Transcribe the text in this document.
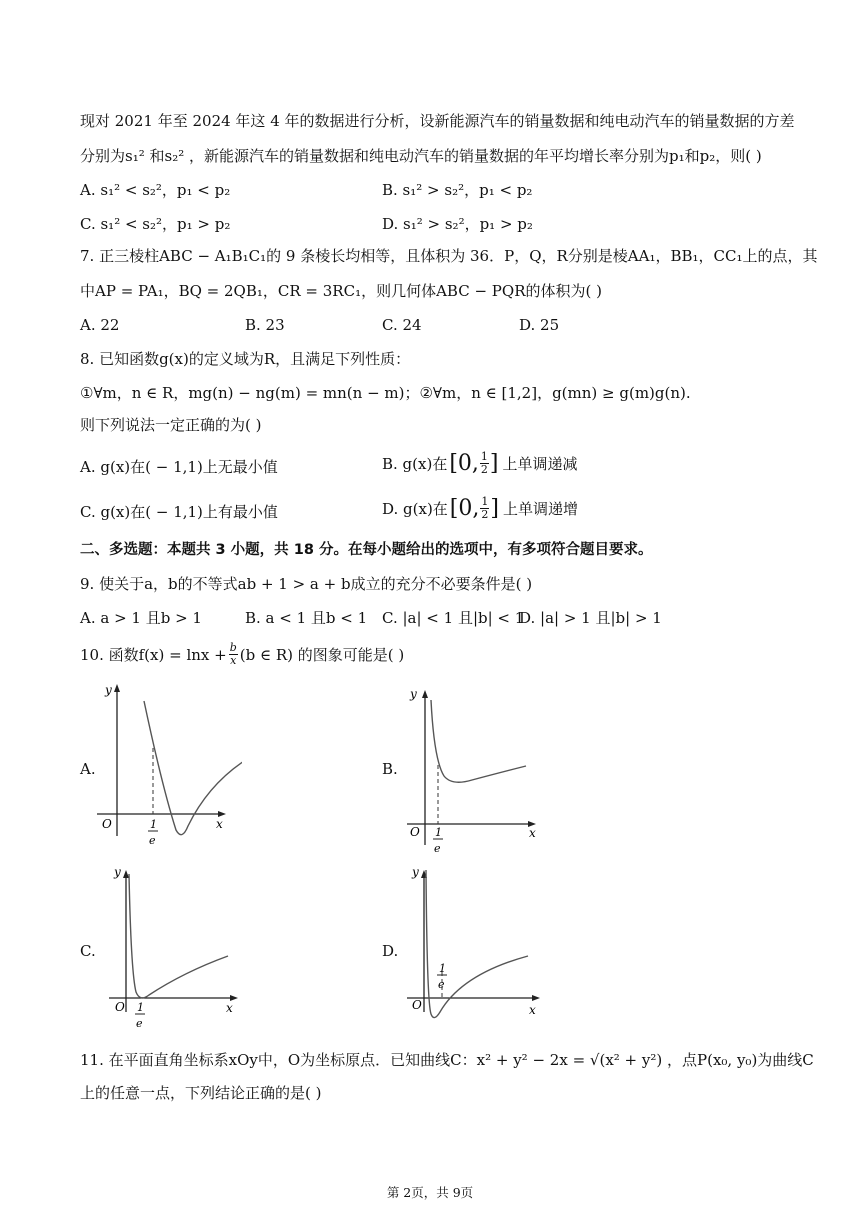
现对 2021 年至 2024 年这 4 年的数据进行分析，设新能源汽车的销量数据和纯电动汽车的销量数据的方差
分别为s₁² 和s₂² ，新能源汽车的销量数据和纯电动汽车的销量数据的年平均增长率分别为p₁和p₂，则( )
A. s₁² < s₂²，p₁ < p₂	B. s₁² > s₂²，p₁ < p₂
C. s₁² < s₂²，p₁ > p₂	D. s₁² > s₂²，p₁ > p₂
7. 正三棱柱ABC − A₁B₁C₁的 9 条棱长均相等，且体积为 36．P，Q，R分别是棱AA₁，BB₁，CC₁上的点，其
中AP = PA₁，BQ = 2QB₁，CR = 3RC₁，则几何体ABC − PQR的体积为( )
A. 22	B. 23	C. 24	D. 25
8. 已知函数g(x)的定义域为R，且满足下列性质：
①∀m，n ∈ R，mg(n) − ng(m) = mn(n − m)；②∀m，n ∈ [1,2]，g(mn) ≥ g(m)g(n).
则下列说法一定正确的为( )
A. g(x)在( − 1,1)上无最小值	B. g(x)在 [0, $\frac{1}{2}$ ] 上单调递减
C. g(x)在( − 1,1)上有最小值	D. g(x)在 [0, $\frac{1}{2}$ ] 上单调递增
二、多选题：本题共 3 小题，共 18 分。在每小题给出的选项中，有多项符合题目要求。
9. 使关于a，b的不等式ab + 1 > a + b成立的充分不必要条件是( )
A. a > 1 且b > 1	B. a < 1 且b < 1 C. |a| < 1 且|b| < 1
D. |a| > 1 且|b| > 1
10. 函数$f(x) = \ln x + \frac{b}{x} (b$ ∈ R) 的图象可能是( )
A.
y
O	x
1
e
B.
y
O	x
1
e
C.
y
O	x
1
e
D.
y
O	x
1
e
11. 在平面直角坐标系xOy中，O为坐标原点．已知曲线C：x² + y² − 2x = √(x² + y²) ，点P(x₀, y₀)为曲线C
上的任意一点，下列结论正确的是( )
第 2页，共 9页
